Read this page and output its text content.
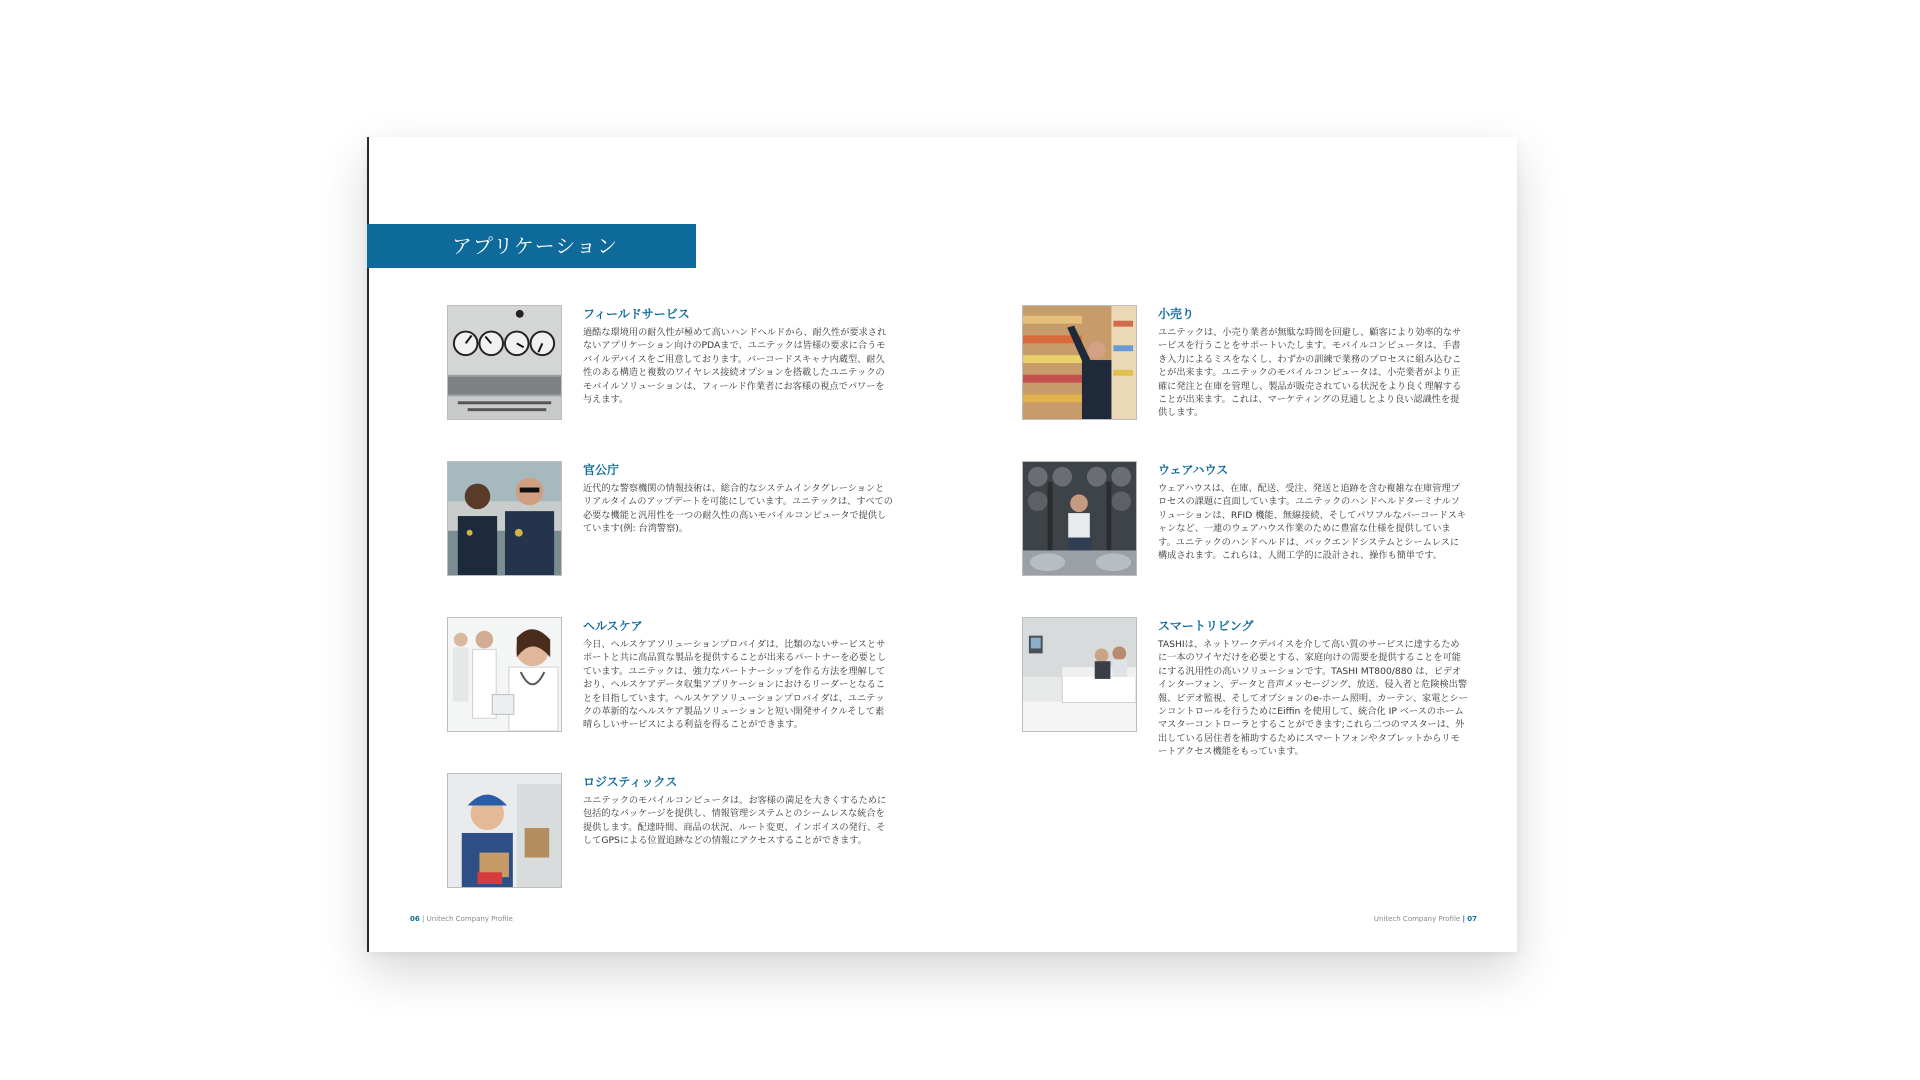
アプリケーション
フィールドサービス
過酷な環境用の耐久性が極めて高いハンドヘルドから、耐久性が要求されないアプリケーション向けのPDAまで、ユニテックは皆様の要求に合うモバイルデバイスをご用意しております。バーコードスキャナ内蔵型、耐久性のある構造と複数のワイヤレス接続オプションを搭載したユニテックのモバイルソリューションは、フィールド作業者にお客様の視点でパワーを与えます。
官公庁
近代的な警察機関の情報技術は、総合的なシステムインタグレーションとリアルタイムのアップデートを可能にしています。ユニテックは、すべての必要な機能と汎用性を一つの耐久性の高いモバイルコンピュータで提供しています(例: 台湾警察)。
ヘルスケア
今日、ヘルスケアソリューションプロバイダは、比類のないサービスとサポートと共に高品質な製品を提供することが出来るパートナーを必要としています。ユニテックは、強力なパートナーシップを作る方法を理解しており、ヘルスケアデータ収集アプリケーションにおけるリーダーとなることを目指しています。ヘルスケアソリューションプロバイダは、ユニテックの革新的なヘルスケア製品ソリューションと短い開発サイクルそして素晴らしいサービスによる利益を得ることができます。
ロジスティックス
ユニテックのモバイルコンピュータは、お客様の満足を大きくするために包括的なパッケージを提供し、情報管理システムとのシームレスな統合を提供します。配達時間、商品の状況、ルート変更、インボイスの発行、そしてGPSによる位置追跡などの情報にアクセスすることができます。
小売り
ユニテックは、小売り業者が無駄な時間を回避し、顧客により効率的なサービスを行うことをサポートいたします。モバイルコンピュータは、手書き入力によるミスをなくし、わずかの訓練で業務のプロセスに組み込むことが出来ます。ユニテックのモバイルコンピュータは、小売業者がより正確に発注と在庫を管理し、製品が販売されている状況をより良く理解することが出来ます。これは、マーケティングの見通しとより良い認識性を提供します。
ウェアハウス
ウェアハウスは、在庫、配送、受注、発送と追跡を含む複雑な在庫管理プロセスの課題に直面しています。ユニテックのハンドヘルドターミナルソリューションは、RFID 機能、無線接続、そしてパワフルなバーコードスキャンなど、一連のウェアハウス作業のために豊富な仕様を提供しています。ユニテックのハンドヘルドは、バックエンドシステムとシームレスに構成されます。これらは、人間工学的に設計され、操作も簡単です。
スマートリビング
TASHIは、ネットワークデバイスを介して高い質のサービスに達するために一本のワイヤだけを必要とする、家庭向けの需要を提供することを可能にする汎用性の高いソリューションです。TASHI MT800/880 は、ビデオインターフォン、データと音声メッセージング、放送、侵入者と危険検出警報、ビデオ監視、そしてオプションのe-ホーム照明、カーテン、家電とシーンコントロールを行うためにEiffin を使用して、統合化 IP ベースのホームマスターコントローラとすることができます;これら二つのマスターは、外出している居住者を補助するためにスマートフォンやタブレットからリモートアクセス機能をもっています。
06 | Unitech Company Profile	Unitech Company Profile | 07
